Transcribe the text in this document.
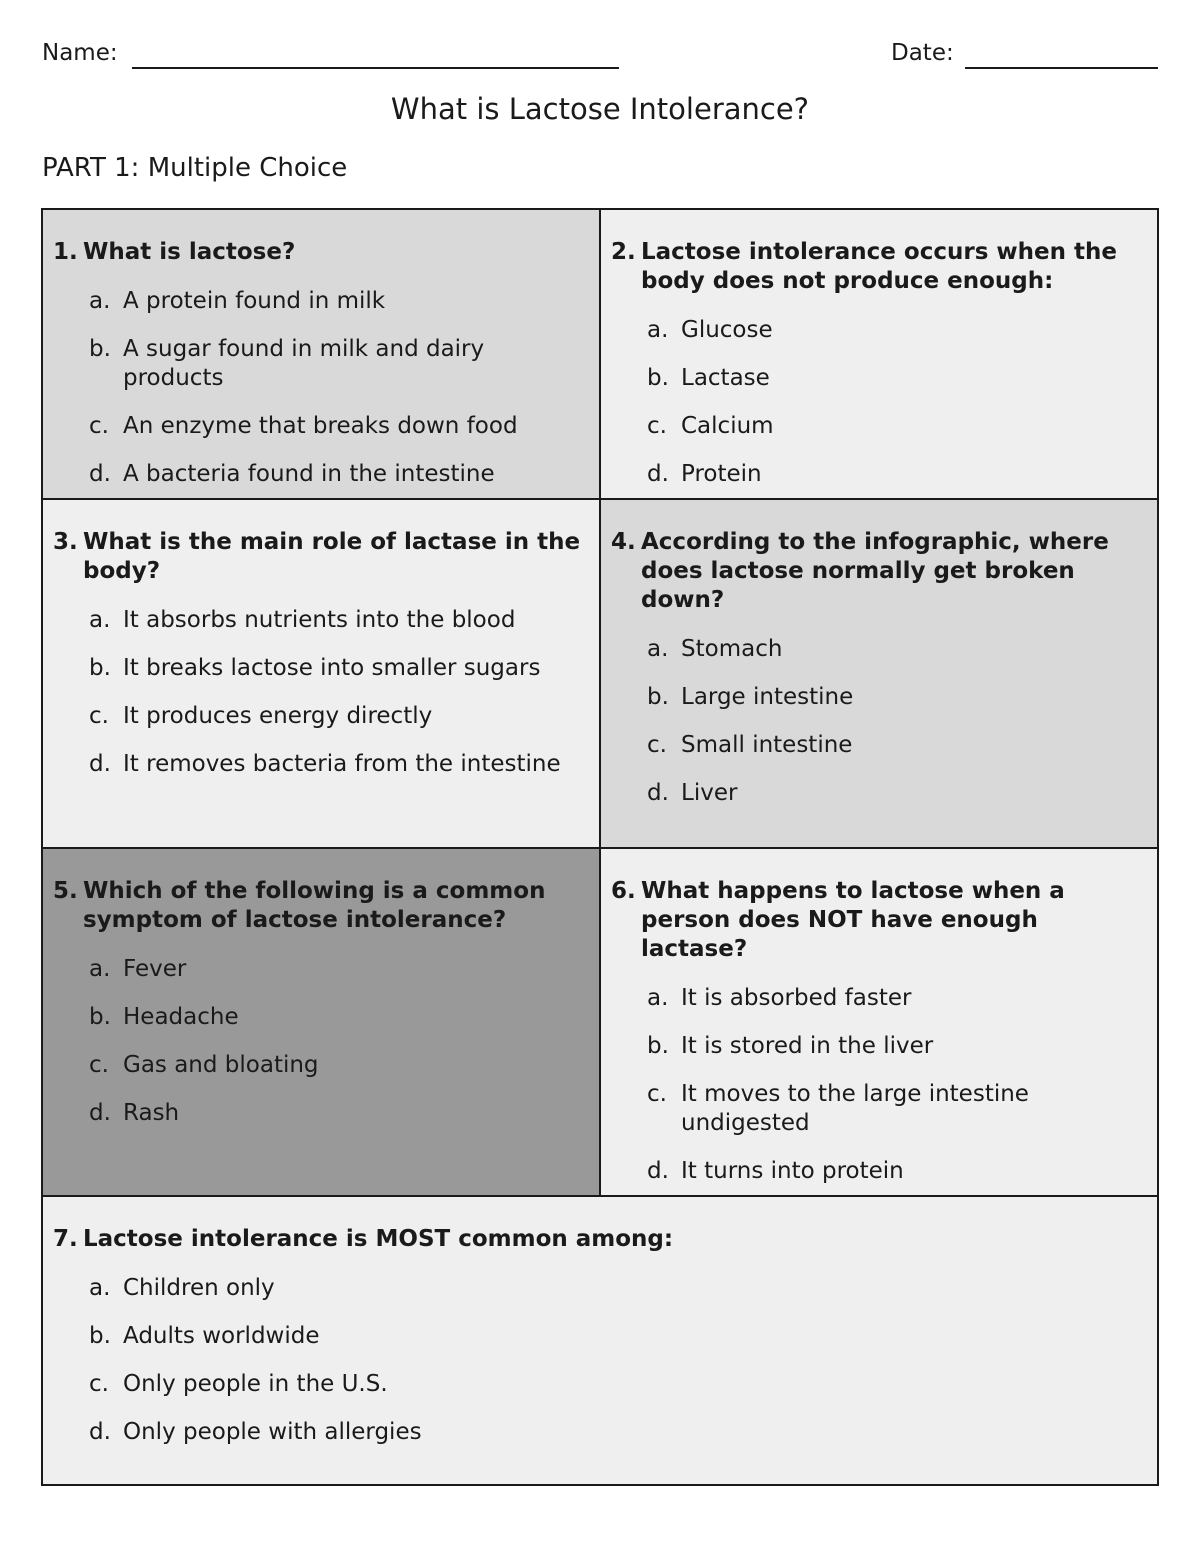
Name:	Date:
What is Lactose Intolerance?
PART 1: Multiple Choice
1. What is lactose?
a. A protein found in milk
b. A sugar found in milk and dairy products
c. An enzyme that breaks down food
d. A bacteria found in the intestine
2. Lactose intolerance occurs when the body does not produce enough:
a. Glucose
b. Lactase
c. Calcium
d. Protein
3. What is the main role of lactase in the body?
a. It absorbs nutrients into the blood
b. It breaks lactose into smaller sugars
c. It produces energy directly
d. It removes bacteria from the intestine
4. According to the infographic, where does lactose normally get broken down?
a. Stomach
b. Large intestine
c. Small intestine
d. Liver
5. Which of the following is a common symptom of lactose intolerance?
a. Fever
b. Headache
c. Gas and bloating
d. Rash
6. What happens to lactose when a person does NOT have enough lactase?
a. It is absorbed faster
b. It is stored in the liver
c. It moves to the large intestine undigested
d. It turns into protein
7. Lactose intolerance is MOST common among:
a. Children only
b. Adults worldwide
c. Only people in the U.S.
d. Only people with allergies
